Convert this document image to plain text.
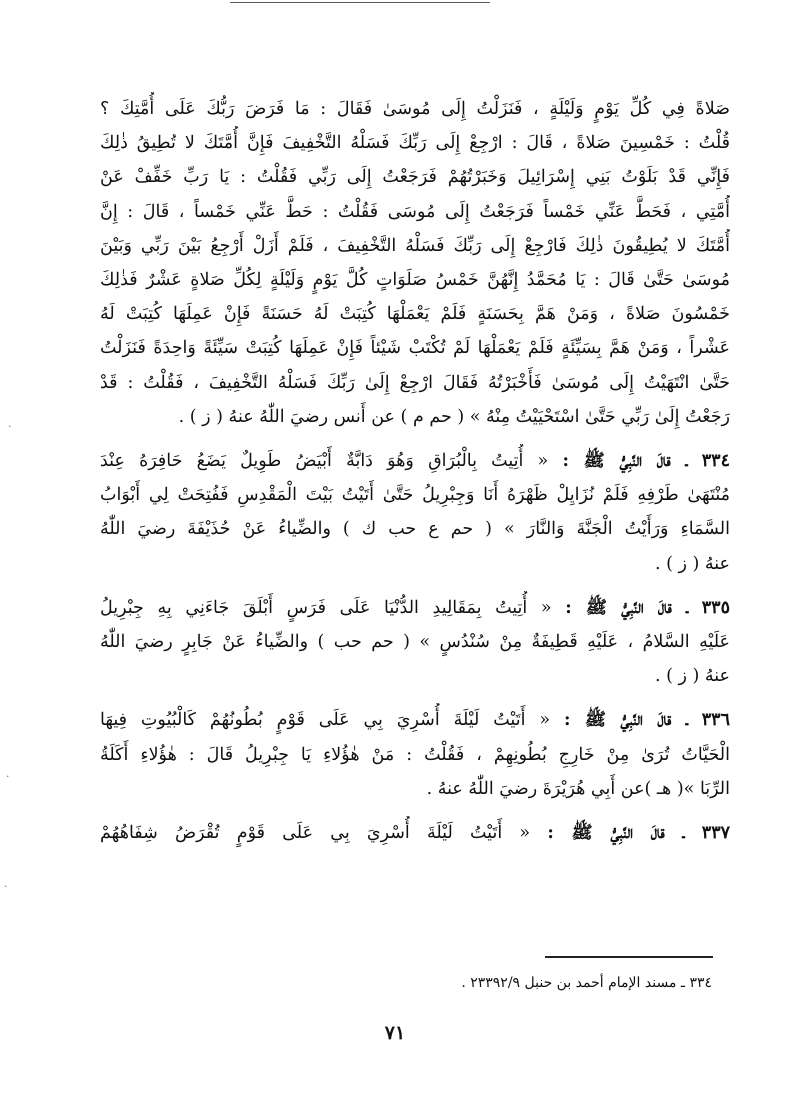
صَلاةً فِي كُلِّ يَوْمٍ وَلَيْلَةٍ ، فَنَزَلْتُ إِلَى مُوسَىٰ فَقَالَ : مَا فَرَضَ رَبُّكَ عَلَى أُمَّتِكَ ؟
قُلْتُ : خَمْسِينَ صَلاةً ، قَالَ : ارْجِعْ إِلَى رَبِّكَ فَسَلْهُ التَّخْفِيفَ فَإِنَّ أُمَّتَكَ لا تُطِيقُ ذٰلِكَ
فَإِنِّي قَدْ بَلَوْتُ بَنِي إِسْرَائِيلَ وَخَبَرْتُهُمْ فَرَجَعْتُ إِلَى رَبِّي فَقُلْتُ : يَا رَبِّ خَفِّفْ عَنْ
أُمَّتِي ، فَحَطَّ عَنِّي خَمْساً فَرَجَعْتُ إِلَى مُوسَى فَقُلْتُ : حَطَّ عَنِّي خَمْساً ، قَالَ : إِنَّ
أُمَّتَكَ لا يُطِيقُونَ ذٰلِكَ فَارْجِعْ إِلَى رَبِّكَ فَسَلْهُ التَّخْفِيفَ ، فَلَمْ أَزَلْ أَرْجِعُ بَيْنَ رَبِّي وَبَيْنَ
مُوسَىٰ حَتَّىٰ قَالَ : يَا مُحَمَّدُ إِنَّهُنَّ خَمْسُ صَلَوَاتٍ كُلَّ يَوْمٍ وَلَيْلَةٍ لِكُلِّ صَلاةٍ عَشْرٌ فَذٰلِكَ
خَمْسُونَ صَلاةً ، وَمَنْ هَمَّ بِحَسَنَةٍ فَلَمْ يَعْمَلْهَا كُتِبَتْ لَهُ حَسَنَةً فَإِنْ عَمِلَهَا كُتِبَتْ لَهُ
عَشْراً ، وَمَنْ هَمَّ بِسَيِّئَةٍ فَلَمْ يَعْمَلْهَا لَمْ تُكْتَبْ شَيْئاً فَإِنْ عَمِلَهَا كُتِبَتْ سَيِّئَةً وَاحِدَةً فَنَزَلْتُ
حَتَّىٰ انْتَهَيْتُ إِلَى مُوسَىٰ فَأَخْبَرْتُهُ فَقَالَ ارْجِعْ إِلَىٰ رَبِّكَ فَسَلْهُ التَّخْفِيفَ ، فَقُلْتُ : قَدْ
رَجَعْتُ إِلَىٰ رَبِّي حَتَّىٰ اسْتَحْيَيْتُ مِنْهُ » ( حم م ) عن أَنس رضيَ اللّٰهُ عنهُ ( ز ) .
٣٣٤ ـ قالَ النَّبِيُّ ﷺ : « أُتِيتُ بِالْبُرَاقِ وَهُوَ دَابَّةٌ أَبْيَضُ طَوِيلٌ يَضَعُ حَافِرَهُ عِنْدَ
مُنْتَهَىٰ طَرْفِهِ فَلَمْ نُزَايِلْ ظَهْرَهُ أَنَا وَجِبْرِيلُ حَتَّىٰ أَتَيْتُ بَيْتَ الْمَقْدِسِ فَفُتِحَتْ لِي أَبْوَابُ
السَّمَاءِ وَرَأَيْتُ الْجَنَّةَ وَالنَّارَ » ( حم ع حب ك ) والضِّياءُ عَنْ حُذَيْفَةَ رضيَ اللّٰهُ
عنهُ ( ز ) .
٣٣٥ ـ قالَ النَّبِيُّ ﷺ : « أُتِيتُ بِمَقَالِيدِ الدُّنْيَا عَلَى فَرَسٍ أَبْلَقَ جَاءَنِي بِهِ جِبْرِيلُ
عَلَيْهِ السَّلامُ ، عَلَيْهِ قَطِيفَةٌ مِنْ سُنْدُسٍ » ( حم حب ) والضِّياءُ عَنْ جَابِرٍ رضيَ اللّٰهُ
عنهُ ( ز ) .
٣٣٦ ـ قالَ النَّبِيُّ ﷺ : « أَتَيْتُ لَيْلَةَ أُسْرِيَ بِي عَلَى قَوْمٍ بُطُونُهُمْ كَالْبُيُوتِ فِيهَا
الْحَيَّاتُ تُرَىٰ مِنْ خَارِجِ بُطُونِهِمْ ، فَقُلْتُ : مَنْ هٰؤُلاءِ يَا جِبْرِيلُ قَالَ : هٰؤُلاءِ أَكَلَةُ
الرِّبَا »( هـ )عن أَبِي هُرَيْرَةَ رضيَ اللّٰهُ عنهُ .
٣٣٧ ـ قالَ النَّبِيُّ ﷺ : « أَتَيْتُ لَيْلَةَ أُسْرِيَ بِي عَلَى قَوْمٍ تُقْرَضُ شِفَاهُهُمْ
٣٣٤ ـ مسند الإمام أحمد بن حنبل ٢٣٣٩٢/٩ .
٧١
·
·
·
